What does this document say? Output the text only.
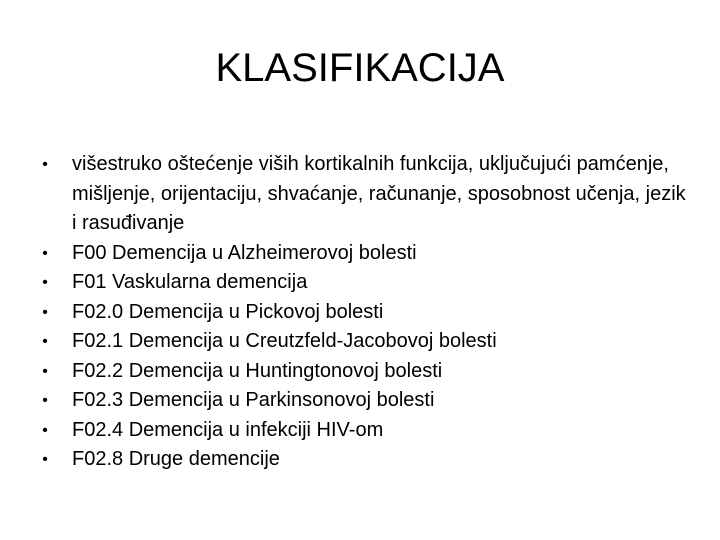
KLASIFIKACIJA
• višestruko oštećenje viših kortikalnih funkcija, uključujući pamćenje, mišljenje, orijentaciju, shvaćanje, računanje, sposobnost učenja, jezik i rasuđivanje
• F00 Demencija u Alzheimerovoj bolesti
• F01 Vaskularna demencija
• F02.0 Demencija u Pickovoj bolesti
• F02.1 Demencija u Creutzfeld-Jacobovoj bolesti
• F02.2 Demencija u Huntingtonovoj bolesti
• F02.3 Demencija u Parkinsonovoj bolesti
• F02.4 Demencija u infekciji HIV-om
• F02.8 Druge demencije
